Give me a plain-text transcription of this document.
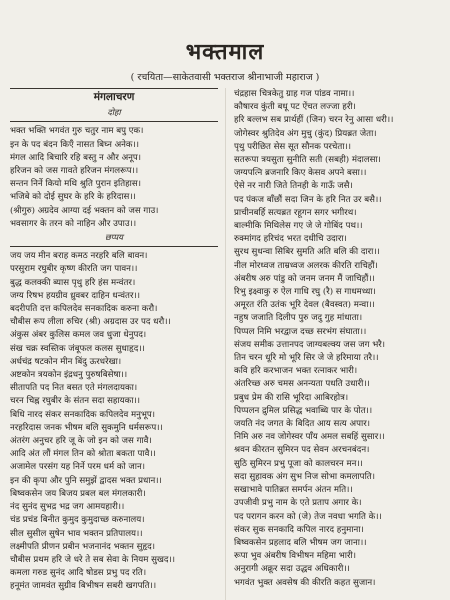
भक्तमाल
( रचयिता—साकेतवासी भक्तराज श्रीनाभाजी महाराज )
मंगलाचरण
दोहा
भक्त भक्ति भगवंत गुरु चतुर नाम बपु एक।
इन के पद बंदन किएँ नासत बिघ्न अनेक।।
मंगल आदि बिचारि रहि बस्तु न और अनूप।
हरिजन को जस गावते हरिजन मंगलरूप।।
सन्तन निर्ने कियो मथि श्रुति पुरान इतिहास।
भजिबे को दोई सुघर के हरि के हरिदास।।
(श्रीगुरु) अग्रदेव आग्या दई भक्तन को जस गाउ।
भवसागर के तरन को नाहिन और उपाउ।।
छप्पय
जय जय मीन बराह कमठ नरहरि बलि बावन।
परसुराम रघुबीर कृष्ण कीरति जग पावन।।
बुद्ध कलक्की ब्यास पृथु हरि हंस मन्वंतर।
जग्य रिषभ हयग्रीव ध्रुवबर दाहिन धन्वंतर।।
बदरीपति दत्त कपिलदेव सनकादिक करुना करौ।
चौबीस रूप लीला रुचिर (श्री) अग्रदास उर पद धरौ।।
अंकुस अंबर कुलिस कमल जव धुजा धेनुपद।
संख चक्र स्वस्तिक जंबूफल कलस सुधाहृद।।
अर्धचंद्र षटकोन मीन बिंदु ऊरधरेखा।
अष्टकोन त्रयकोन इंद्रधनु पुरुषबिसेषा।।
सीतापति पद नित बसत एते मंगलदायका।
चरन चिह्न रघुबीर के संतन सदा सहायका।।
बिधि नारद संकर सनकादिक कपिलदेव मनुभूप।
नरहरिदास जनक भीषम बलि सुकमुनि धर्मसरूप।।
अंतरंग अनुचर हरि जू के जो इन को जस गावै।
आदि अंत लौं मंगल तिन को श्रोता बकता पावै।।
अजामेल परसंग यह निर्ने परम धर्म को जान।
इन की कृपा और पुनि समुझें द्वादस भक्त प्रधान।।
बिष्वकसेन जय बिजय प्रबल बल मंगलकारी।
नंद सुनंद सुभद्र भद्र जग आमयहारी।।
चंड प्रचंड बिनीत कुमुद कुमुदाच्छ करुनालय।
सील सुसील सुषेन भाव भक्तन प्रतिपालय।।
लक्ष्मीपति प्रीणन प्रबीन भजनानंद भक्तन सुहृद।
चौबीस प्रथम हरि जे धरे ते सब सेवा के नियम सुखद।।
कमला गरुड सुनंद आदि षोडस प्रभु पद रति।
हनूमंत जामवंत सुग्रीव बिभीषन सबरी खगपति।।
चंद्रहास चित्रकेतु ग्राह गज पांडव नामा।।
कौषारव कुंती बधू पट ऐंचत लज्जा हरी।
हरि बल्लभ सब प्रार्थहीं (जिन) चरन रेनु आसा धरी।।
जोगेस्वर श्रुतिदेव अंग मुचु (कुंद) प्रियब्रत जेता।
पृथु परीछित सेस सूत सौनक परचेता।।
सतरूपा त्रयसुता सुनीति सती (सबही) मंदालसा।
जग्यपत्नि ब्रजनारि किए केसव अपने बसा।।
ऐसे नर नारी जिते तिनही के गाऊँ जसै।
पद पंकज बाँछौं सदा जिन के हरि नित उर बसै।।
प्राचीनबर्हि सत्यब्रत रहूगन सगर भगीरथ।
बाल्मीकि मिथिलेस गए जे जे गोबिंद पथ।।
रुक्मांगद हरिचंद भरत दधीचि उदारा।
सुरथ सुधन्वा सिबिर सुमति अति बलि की दारा।।
नील मोरध्वज ताम्रध्वज अलरक कीरति राचिहौं।
अंबरीष अरु पांडु को जनम जनम मैं जाचिहौं।।
रिभु इक्ष्वाकु रु ऐल गाधि रघु (रै) स गाधमध्धा।
अमूरत रंति उतंक भूरि देवल (बैवस्वत) मन्वा।।
नहुष जजाति दिलीप पुरु जदु गुह मांधाता।
पिप्पल निमि भरद्वाज दच्छ सरभंग संघाता।।
संजय समीक उत्तानपद जाग्यबल्क्य जस जग भरै।
तिन चरन धूरि मो भूरि सिर जे जे हरिमाया तरै।।
कवि हरि करभाजन भक्त रत्नाकर भारी।
अंतरिच्छ अरु चमस अनन्यता पधति उधारी।।
प्रबुध प्रेम की रासि भूरिदा आबिरहोत्र।
पिप्पलन द्रुमिल प्रसिद्ध भवाब्धि पार के पोत।।
जयति नंद जगत के बिदित आय सत्य अपार।
निमि अरु नव जोगेस्वर पाँय अमल सबहिं सुसार।।
श्रवन कीरतन सुमिरन पद सेवन अरचनबंदन।
सुठि सुमिरन प्रभु पूजा को कालचरन मन।।
सदा सुहावक अंग सुभ निज सोभा कमलापति।
सखाभावे पातिब्रत समर्पन अंतन मति।।
उपजीवी प्रभु नाम के एते प्रताप अगार के।
पद परागन करन को (जे) तेज नवधा भगति के।।
संकर सुक सनकादि कपिल नारद हनुमाना।
बिष्वकसेन प्रहलाद बलि भीषम जग जाना।।
रूपा भुव अंबरीष विभीषन महिमा भारी।
अनुरागी अक्रूर सदा उद्धव अधिकारी।।
भगवंत भुक्त अवसेष की कीरति कहत सुजान।
